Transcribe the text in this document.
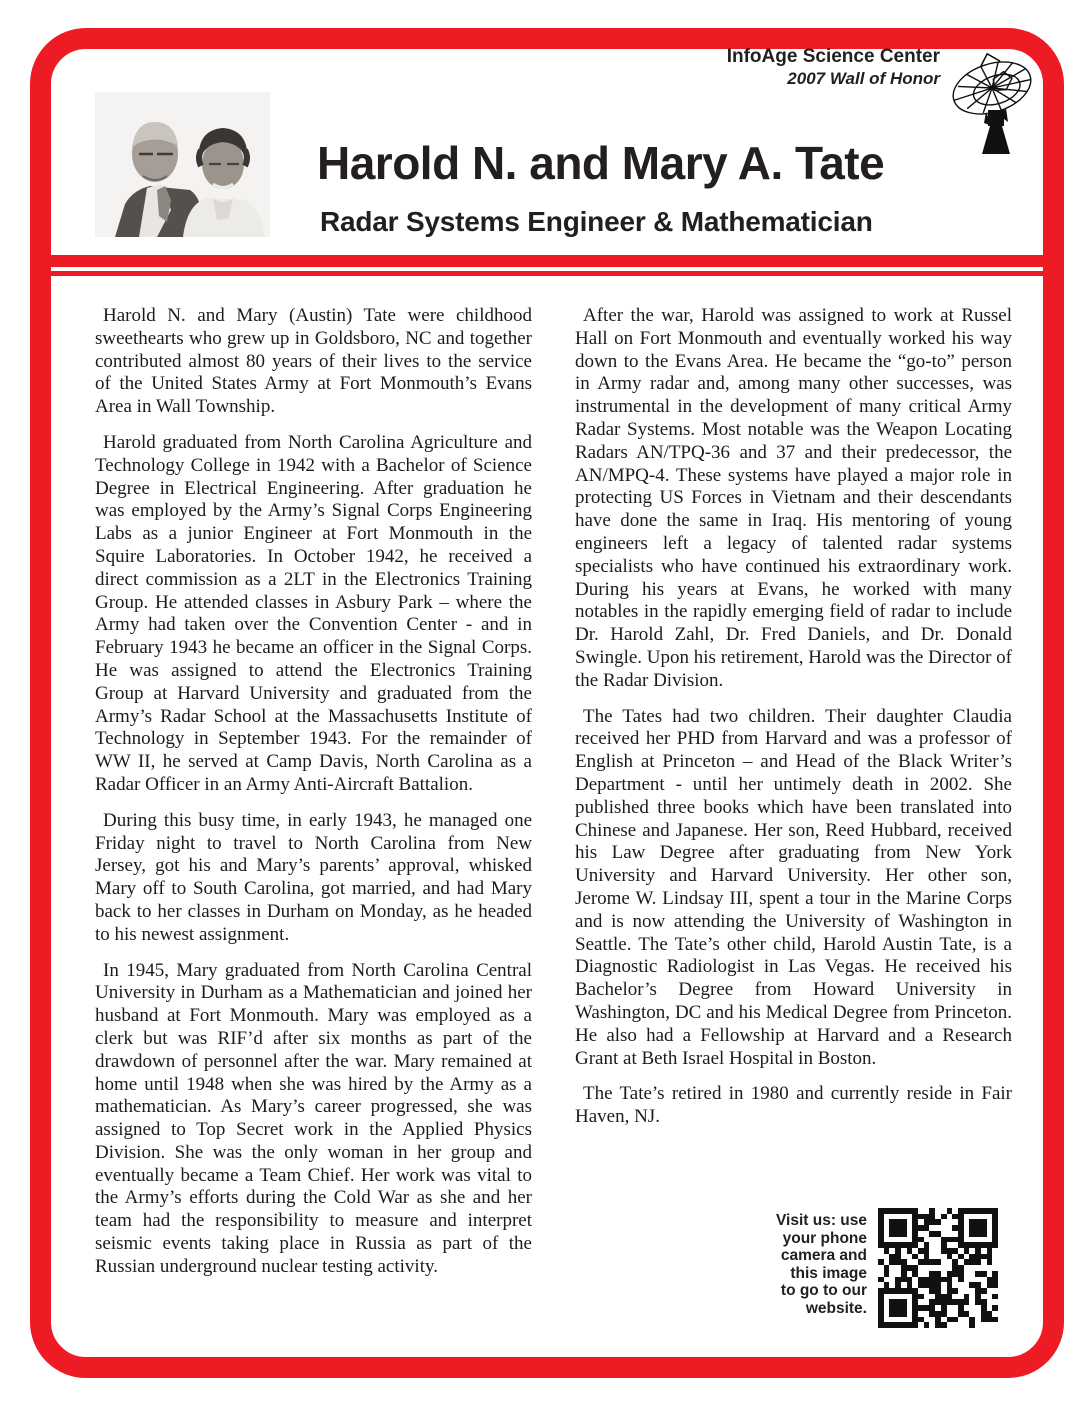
InfoAge Science Center
2007 Wall of Honor
Harold N. and Mary A. Tate
Radar Systems Engineer & Mathematician

Harold N. and Mary (Austin) Tate were childhood sweethearts who grew up in Goldsboro, NC and together contributed almost 80 years of their lives to the service of the United States Army at Fort Monmouth’s Evans Area in Wall Township.

Harold graduated from North Carolina Agriculture and Technology College in 1942 with a Bachelor of Science Degree in Electrical Engineering. After graduation he was employed by the Army’s Signal Corps Engineering Labs as a junior Engineer at Fort Monmouth in the Squire Laboratories. In October 1942, he received a direct commission as a 2LT in the Electronics Training Group. He attended classes in Asbury Park – where the Army had taken over the Convention Center - and in February 1943 he became an officer in the Signal Corps. He was assigned to attend the Electronics Training Group at Harvard University and graduated from the Army’s Radar School at the Massachusetts Institute of Technology in September 1943. For the remainder of WW II, he served at Camp Davis, North Carolina as a Radar Officer in an Army Anti-Aircraft Battalion.

During this busy time, in early 1943, he managed one Friday night to travel to North Carolina from New Jersey, got his and Mary’s parents’ approval, whisked Mary off to South Carolina, got married, and had Mary back to her classes in Durham on Monday, as he headed to his newest assignment.

In 1945, Mary graduated from North Carolina Central University in Durham as a Mathematician and joined her husband at Fort Monmouth. Mary was employed as a clerk but was RIF’d after six months as part of the drawdown of personnel after the war. Mary remained at home until 1948 when she was hired by the Army as a mathematician. As Mary’s career progressed, she was assigned to Top Secret work in the Applied Physics Division. She was the only woman in her group and eventually became a Team Chief. Her work was vital to the Army’s efforts during the Cold War as she and her team had the responsibility to measure and interpret seismic events taking place in Russia as part of the Russian underground nuclear testing activity.

After the war, Harold was assigned to work at Russel Hall on Fort Monmouth and eventually worked his way down to the Evans Area. He became the “go-to” person in Army radar and, among many other successes, was instrumental in the development of many critical Army Radar Systems. Most notable was the Weapon Locating Radars AN/TPQ-36 and 37 and their predecessor, the AN/MPQ-4. These systems have played a major role in protecting US Forces in Vietnam and their descendants have done the same in Iraq. His mentoring of young engineers left a legacy of talented radar systems specialists who have continued his extraordinary work. During his years at Evans, he worked with many notables in the rapidly emerging field of radar to include Dr. Harold Zahl, Dr. Fred Daniels, and Dr. Donald Swingle. Upon his retirement, Harold was the Director of the Radar Division.

The Tates had two children. Their daughter Claudia received her PHD from Harvard and was a professor of English at Princeton – and Head of the Black Writer’s Department - until her untimely death in 2002. She published three books which have been translated into Chinese and Japanese. Her son, Reed Hubbard, received his Law Degree after graduating from New York University and Harvard University. Her other son, Jerome W. Lindsay III, spent a tour in the Marine Corps and is now attending the University of Washington in Seattle. The Tate’s other child, Harold Austin Tate, is a Diagnostic Radiologist in Las Vegas. He received his Bachelor’s Degree from Howard University in Washington, DC and his Medical Degree from Princeton. He also had a Fellowship at Harvard and a Research Grant at Beth Israel Hospital in Boston.

The Tate’s retired in 1980 and currently reside in Fair Haven, NJ.

Visit us: use
your phone
camera and
this image
to go to our
website.
